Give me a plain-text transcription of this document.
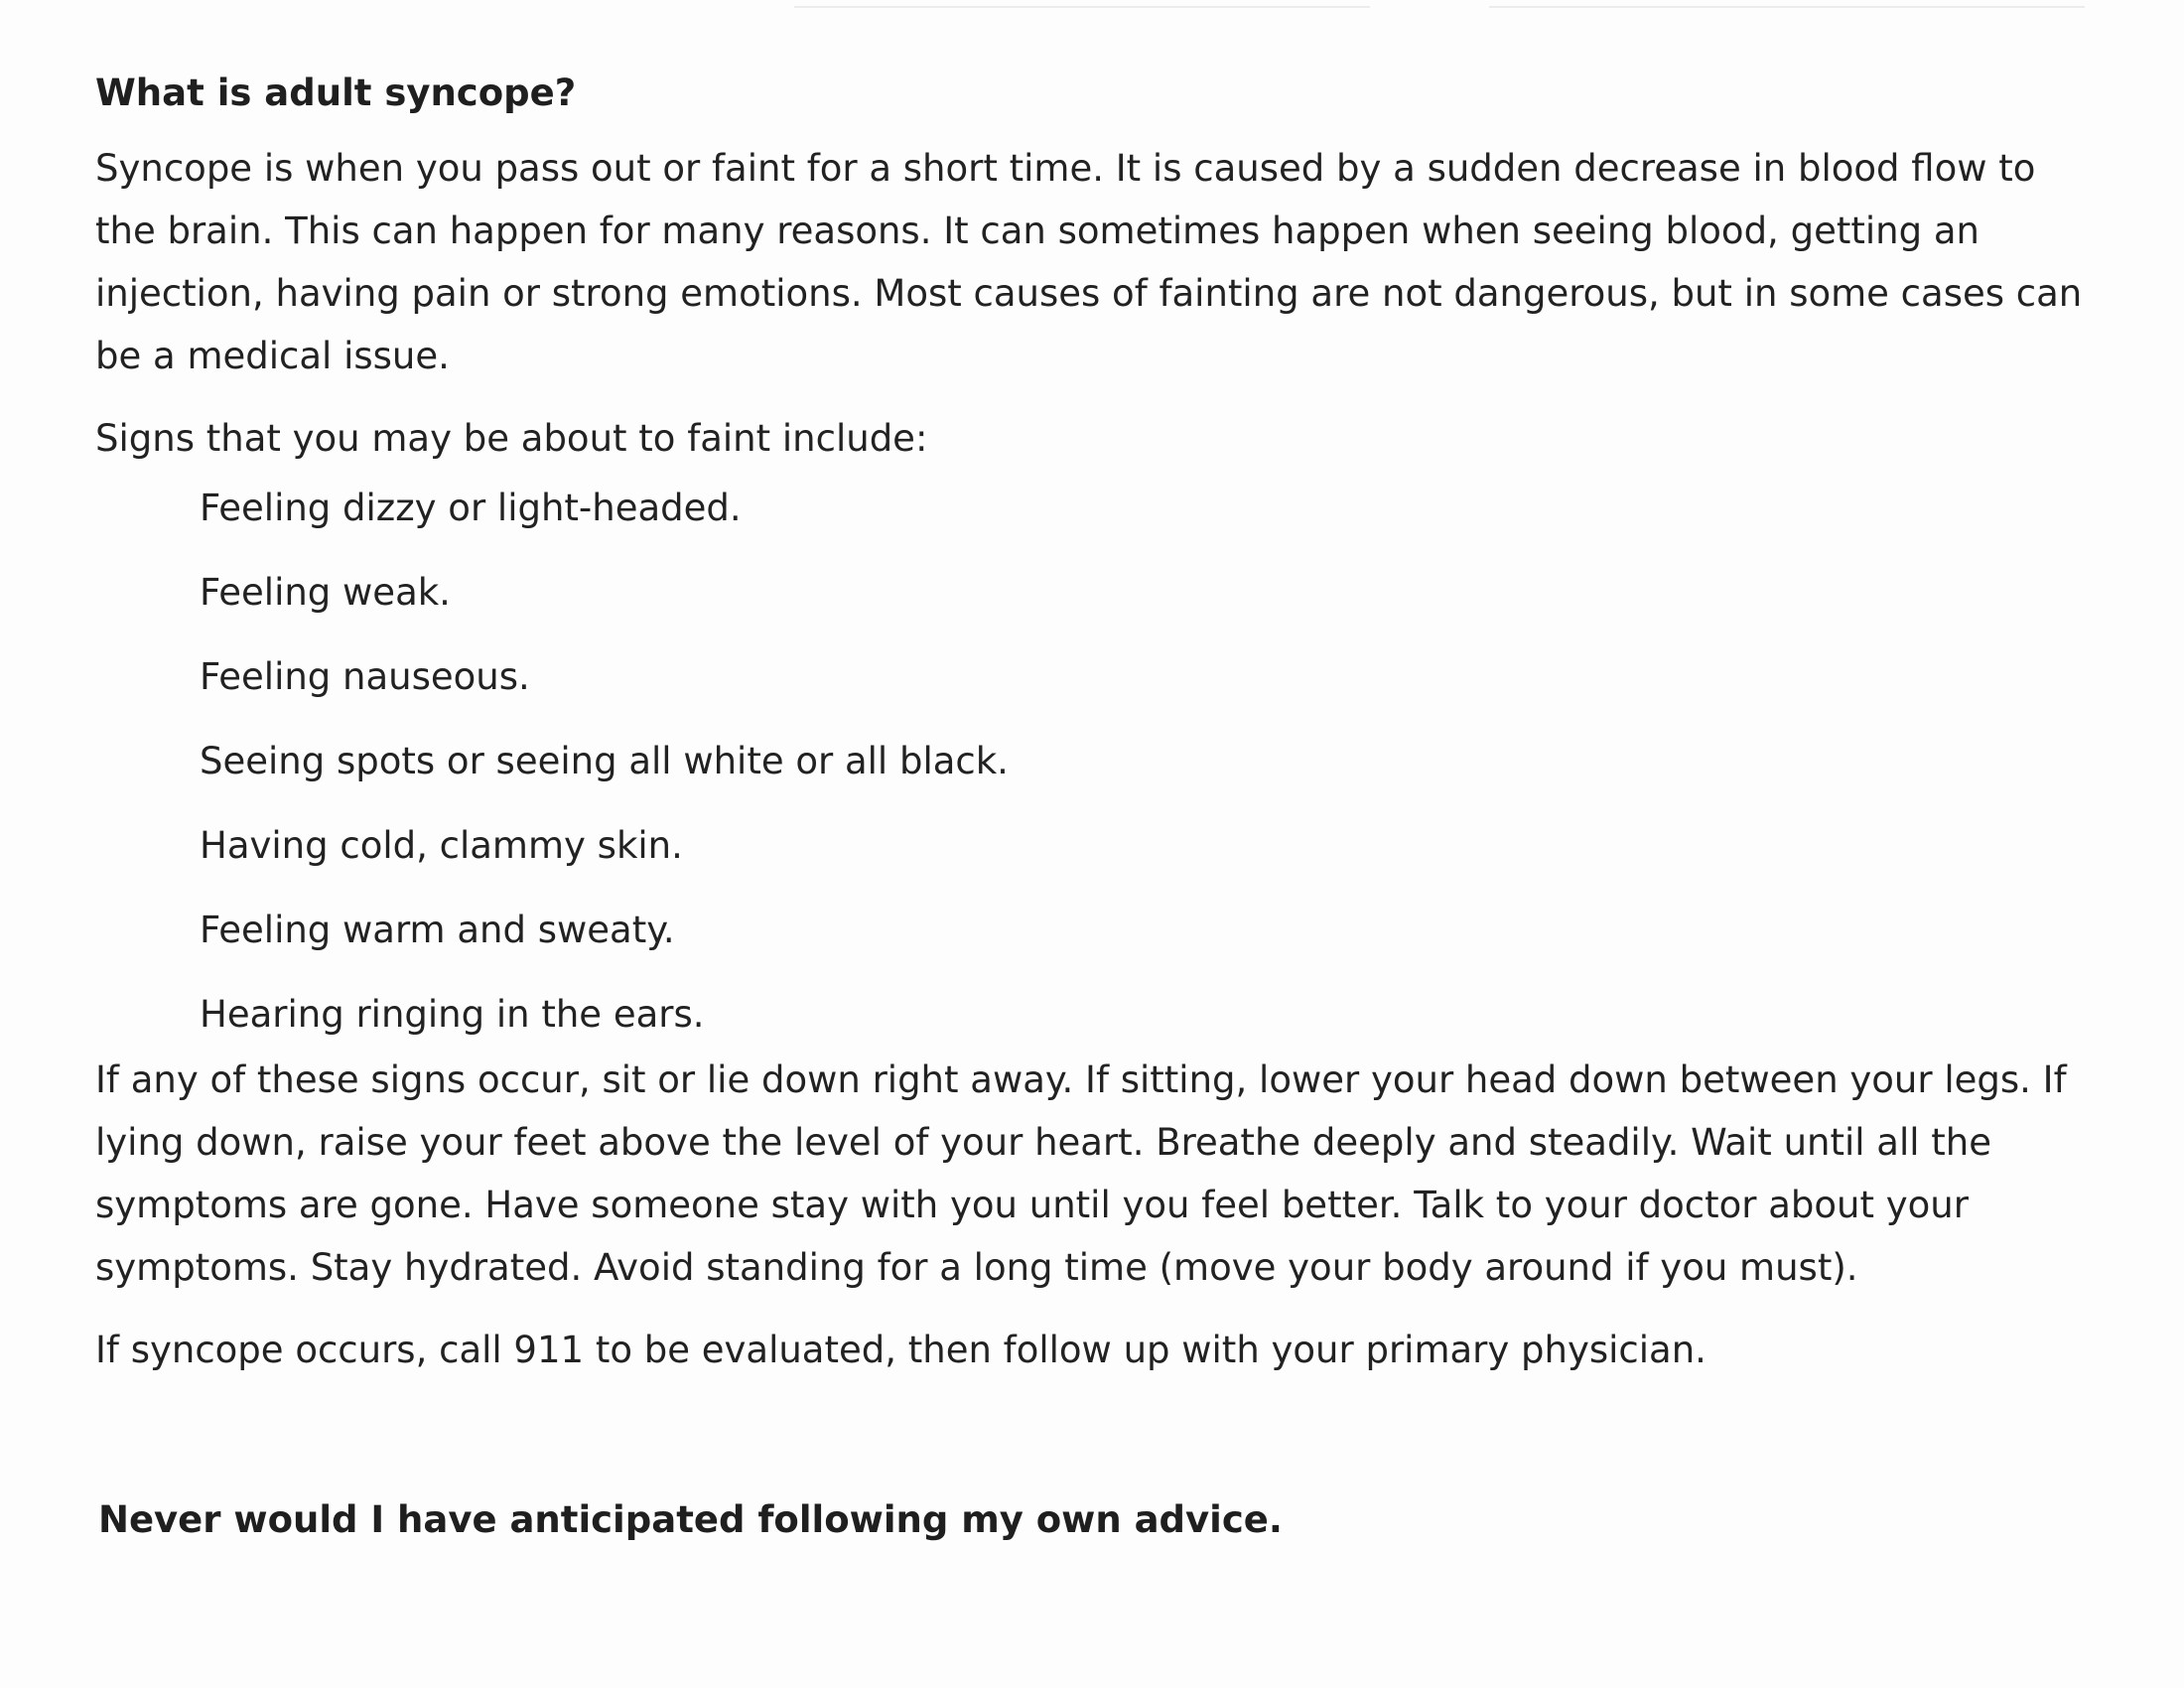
What is adult syncope?

Syncope is when you pass out or faint for a short time. It is caused by a sudden decrease in blood flow to the brain. This can happen for many reasons. It can sometimes happen when seeing blood, getting an injection, having pain or strong emotions. Most causes of fainting are not dangerous, but in some cases can be a medical issue.

Signs that you may be about to faint include:

Feeling dizzy or light-headed.
Feeling weak.
Feeling nauseous.
Seeing spots or seeing all white or all black.
Having cold, clammy skin.
Feeling warm and sweaty.
Hearing ringing in the ears.

If any of these signs occur, sit or lie down right away. If sitting, lower your head down between your legs. If lying down, raise your feet above the level of your heart. Breathe deeply and steadily. Wait until all the symptoms are gone. Have someone stay with you until you feel better. Talk to your doctor about your symptoms. Stay hydrated. Avoid standing for a long time (move your body around if you must).

If syncope occurs, call 911 to be evaluated, then follow up with your primary physician.

Never would I have anticipated following my own advice.
